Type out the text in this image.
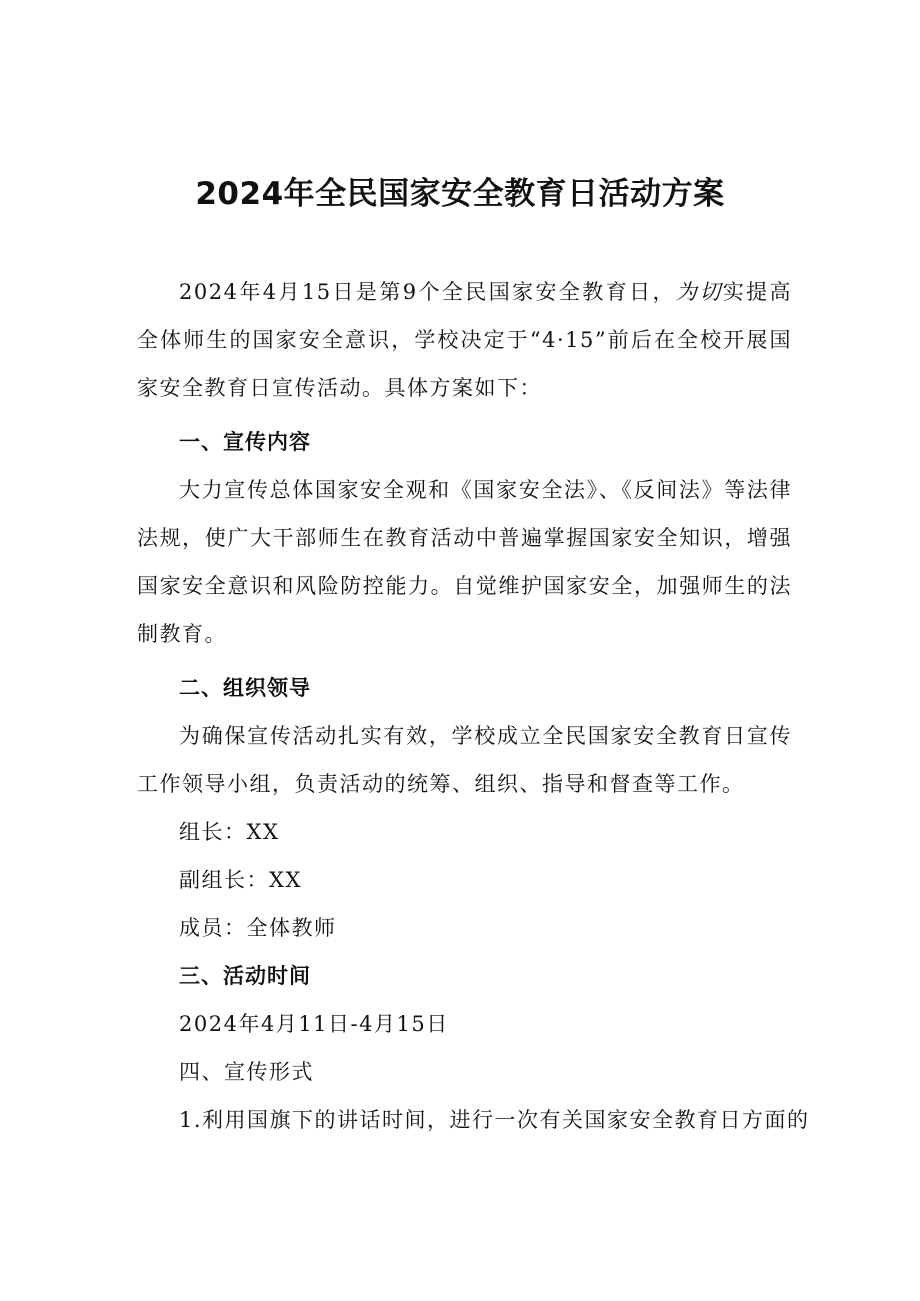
2024年全民国家安全教育日活动方案

2024年4月15日是第9个全民国家安全教育日，为切实提高全体师生的国家安全意识，学校决定于“4·15”前后在全校开展国家安全教育日宣传活动。具体方案如下：

一、宣传内容

大力宣传总体国家安全观和《国家安全法》、《反间法》等法律法规，使广大干部师生在教育活动中普遍掌握国家安全知识，增强国家安全意识和风险防控能力。自觉维护国家安全，加强师生的法制教育。

二、组织领导

为确保宣传活动扎实有效，学校成立全民国家安全教育日宣传工作领导小组，负责活动的统筹、组织、指导和督查等工作。

组长：XX

副组长：XX

成员：全体教师

三、活动时间

2024年4月11日-4月15日

四、宣传形式

1.利用国旗下的讲话时间，进行一次有关国家安全教育日方面的
